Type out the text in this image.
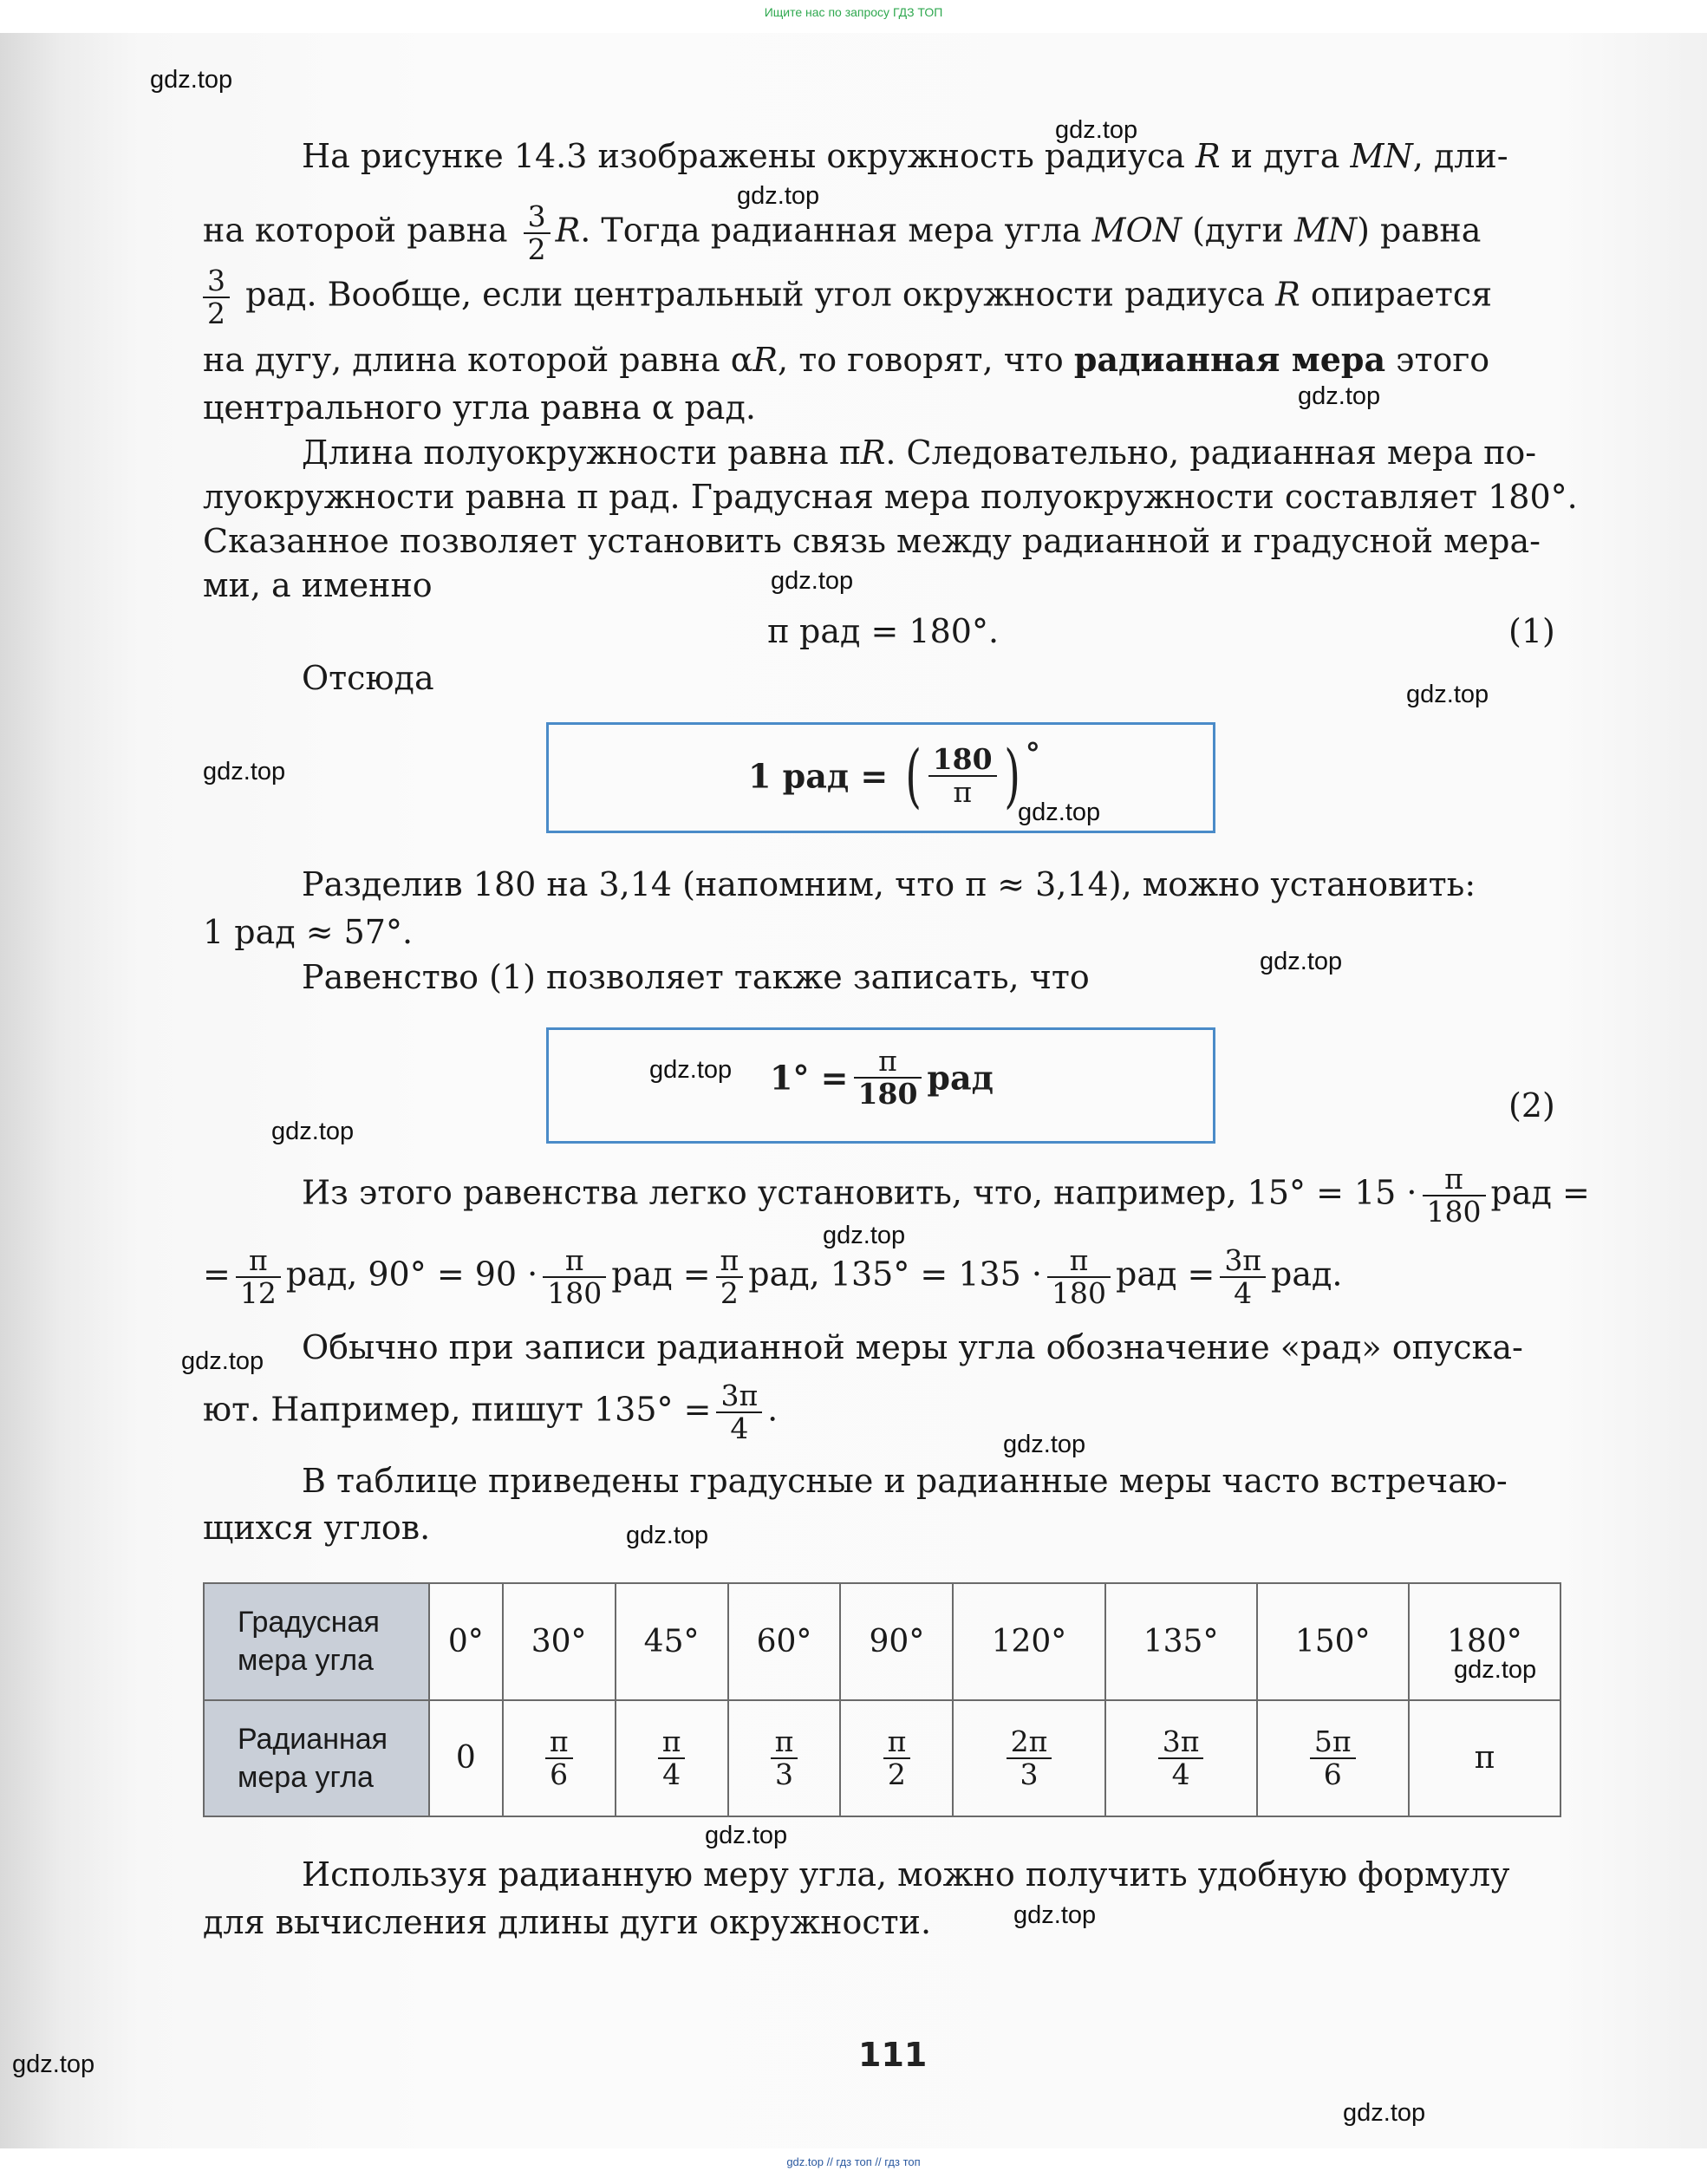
Ищите нас по запросу ГДЗ ТОП
На рисунке 14.3 изображены окружность радиуса R и дуга MN, дли-
на которой равна $\frac{3}{2} R$. Тогда радианная мера угла MON (дуги MN) равна
$\frac{3}{2}$ рад. Вообще, если центральный угол окружности радиуса R опирается
на дугу, длина которой равна αR, то говорят, что радианная мера этого
центрального угла равна α рад.
Длина полуокружности равна πR. Следовательно, радианная мера по-
луокружности равна π рад. Градусная мера полуокружности составляет 180°.
Сказанное позволяет установить связь между радианной и градусной мера-
ми, а именно
π рад = 180°.	(1)
Отсюда
1 рад = ( $\frac{180}{\pi}$ ) °
Разделив 180 на 3,14 (напомним, что π ≈ 3,14), можно установить:
1 рад ≈ 57°.
Равенство (1) позволяет также записать, что
$1^\circ = \frac{\pi}{180}$ рад
(2)
Из этого равенства легко установить, что, например, $15^\circ = 15 \cdot \frac{\pi}{180}$ рад =
= $\frac{\pi}{12}$ рад, $90^\circ = 90 \cdot \frac{\pi}{180}$ рад = $\frac{\pi}{2}$ рад, $135^\circ = 135 \cdot \frac{\pi}{180}$ рад = $\frac{3\pi}{4}$ рад.
Обычно при записи радианной меры угла обозначение «рад» опуска-
ют. Например, пишут $135^\circ = \frac{3\pi}{4}$ .
В таблице приведены градусные и радианные меры часто встречаю-
щихся углов.
Градусная
мера угла	0°	30°	45°	60°	90°	120°	135°	150°	180°
Радианная
мера угла	0	$\frac{\pi}{6}$	$\frac{\pi}{4}$	$\frac{\pi}{3}$	$\frac{\pi}{2}$	$\frac{2\pi}{3}$	$\frac{3\pi}{4}$	$\frac{5\pi}{6}$	π
Используя радианную меру угла, можно получить удобную формулу
для вычисления длины дуги окружности.
111
gdz.top
gdz.top
gdz.top
gdz.top
gdz.top
gdz.top
gdz.top
gdz.top
gdz.top
gdz.top
gdz.top
gdz.top
gdz.top
gdz.top
gdz.top
gdz.top
gdz.top
gdz.top
gdz.top
gdz.top
gdz.top // гдз топ // гдз топ
